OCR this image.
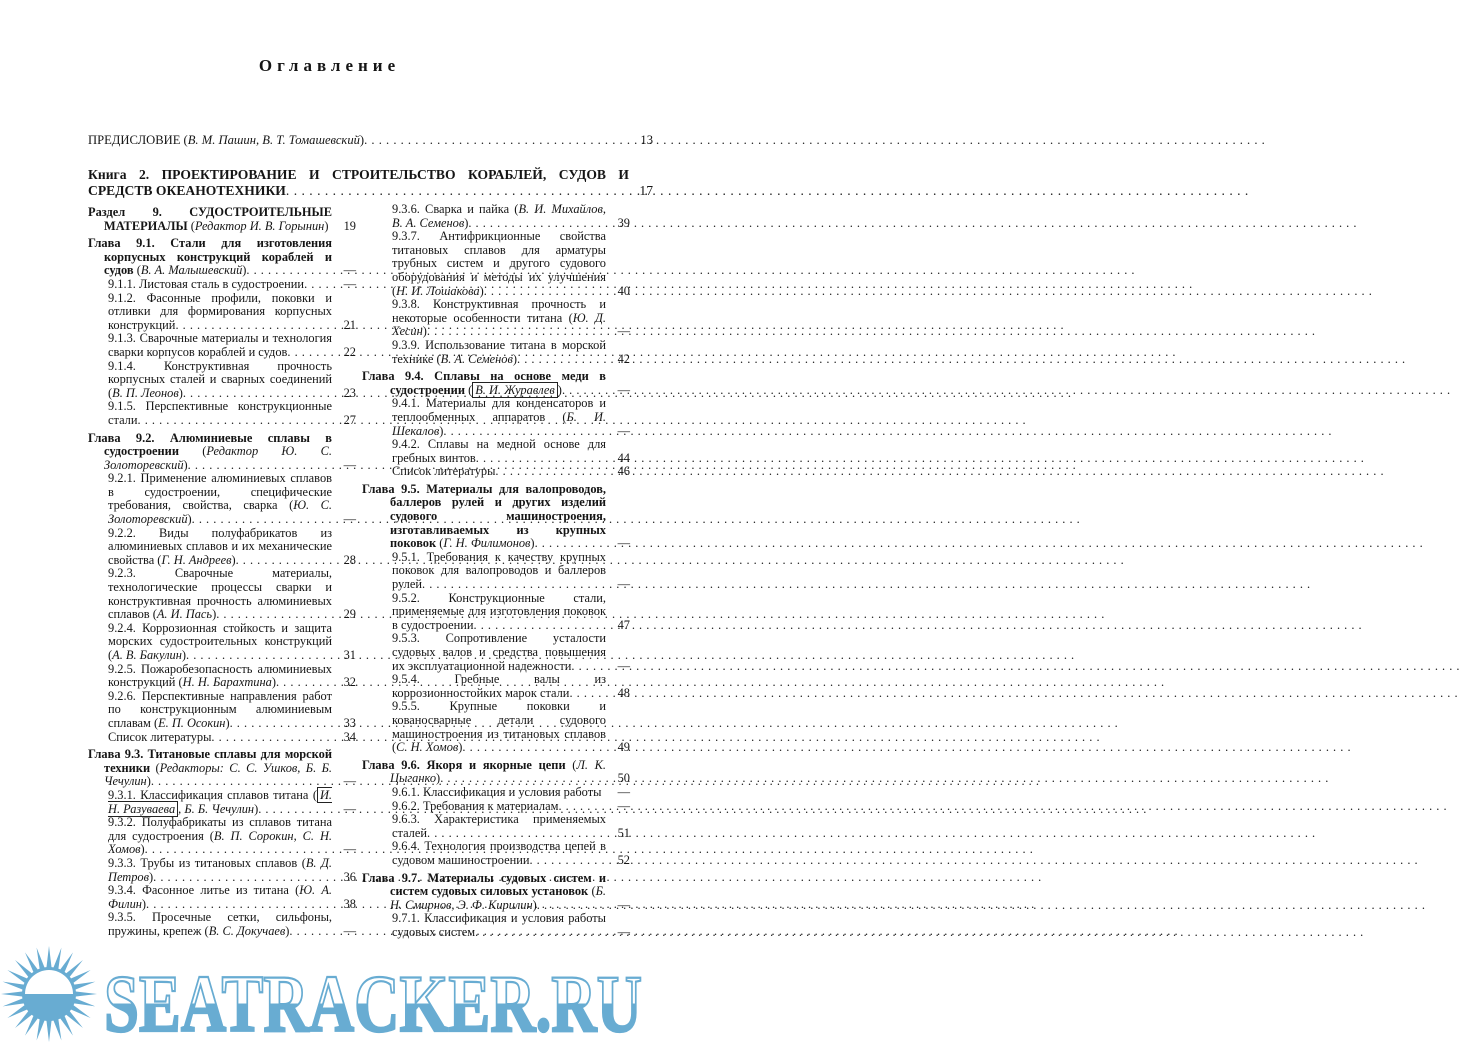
Оглавление
ПРЕДИСЛОВИЕ (В. М. Пашин, В. Т. Томашевский) . . .	13
Книга 2. ПРОЕКТИРОВАНИЕ И СТРОИТЕЛЬСТВО КОРАБЛЕЙ, СУДОВ И СРЕДСТВ ОКЕАНОТЕХНИКИ . . .	17
Раздел 9. СУДОСТРОИТЕЛЬНЫЕ МАТЕРИАЛЫ (Редактор И. В. Горынин) 19
Глава 9.1. Стали для изготовления корпусных конструкций кораблей и судов (В. А. Малышевский) . . .	—
9.1.1. Листовая сталь в судостроении . . .	—
9.1.2. Фасонные профили, поковки и отливки для формирования корпусных конструкций . . .	21
9.1.3. Сварочные материалы и технология сварки корпусов кораблей и судов . . .	22
9.1.4. Конструктивная прочность корпусных сталей и сварных соединений (В. П. Леонов) . . .	23
9.1.5. Перспективные конструкционные стали . . .	27
Глава 9.2. Алюминиевые сплавы в судостроении (Редактор Ю. С. Золоторевский) . . .	—
9.2.1. Применение алюминиевых сплавов в судостроении, специфические требования, свойства, сварка (Ю. С. Золоторевский) . . .	—
9.2.2. Виды полуфабрикатов из алюминиевых сплавов и их механические свойства (Г. Н. Андреев) . . .	28
9.2.3. Сварочные материалы, технологические процессы сварки и конструктивная прочность алюминиевых сплавов (А. И. Пась) . . .	29
9.2.4. Коррозионная стойкость и защита морских судостроительных конструкций (А. В. Бакулин) . . .	31
9.2.5. Пожаробезопасность алюминиевых конструкций (Н. Н. Барахтина) . . .	32
9.2.6. Перспективные направления работ по конструкционным алюминиевым сплавам (Е. П. Осокин) . . .	33
Список литературы . . .	34
Глава 9.3. Титановые сплавы для морской техники (Редакторы: С. С. Ушков, Б. Б. Чечулин) . . .	—
9.3.1. Классификация сплавов титана ( И. Н. Разуваева , Б. Б. Чечулин) . . .	—
9.3.2. Полуфабрикаты из сплавов титана для судостроения (В. П. Сорокин, С. Н. Хомов) . . .	—
9.3.3. Трубы из титановых сплавов (В. Д. Петров) . . .	36
9.3.4. Фасонное литье из титана (Ю. А. Филин) . . .	38
9.3.5. Просечные сетки, сильфоны, пружины, крепеж (В. С. Докучаев) . . .	—
9.3.6. Сварка и пайка (В. И. Михайлов, В. А. Семенов) . . .	39
9.3.7. Антифрикционные свойства титановых сплавов для арматуры трубных систем и другого судового оборудования и методы их улучшения (Н. И. Лошакова) . . .	40
9.3.8. Конструктивная прочность и некоторые особенности титана (Ю. Д. Хесин) . . .	—
9.3.9. Использование титана в морской технике (В. А. Семенов) . . .	42
Глава 9.4. Сплавы на основе меди в судостроении ( В. И. Журавлев ) . . .	—
9.4.1. Материалы для конденсаторов и теплообменных аппаратов (Б. И. Шекалов) . . .	—
9.4.2. Сплавы на медной основе для гребных винтов . . .	44
Список литературы . . .	46
Глава 9.5. Материалы для валопроводов, баллеров рулей и других изделий судового машиностроения, изготавливаемых из крупных поковок (Г. Н. Филимонов) . . .	—
9.5.1. Требования к качеству крупных поковок для валопроводов и баллеров рулей . . .	—
9.5.2. Конструкционные стали, применяемые для изготовления поковок в судостроении . . .	47
9.5.3. Сопротивление усталости судовых валов и средства повышения их эксплуатационной надежности . . .	—
9.5.4. Гребные валы из коррозионностойких марок стали . . .	48
9.5.5. Крупные поковки и кованосварные детали судового машиностроения из титановых сплавов (С. Н. Хомов) . . .	49
Глава 9.6. Якоря и якорные цепи (Л. К. Цыганко) . . .	50
9.6.1. Классификация и условия работы . . . —
9.6.2. Требования к материалам . . .	—
9.6.3. Характеристика применяемых сталей . . .	51
9.6.4. Технология производства цепей в судовом машиностроении . . .	52
Глава 9.7. Материалы судовых систем и систем судовых силовых установок (Б. Н. Смирнов, Э. Ф. Кирилин) . . .	—
9.7.1. Классификация и условия работы судовых систем . . .	—
SEATRACKER.RU
